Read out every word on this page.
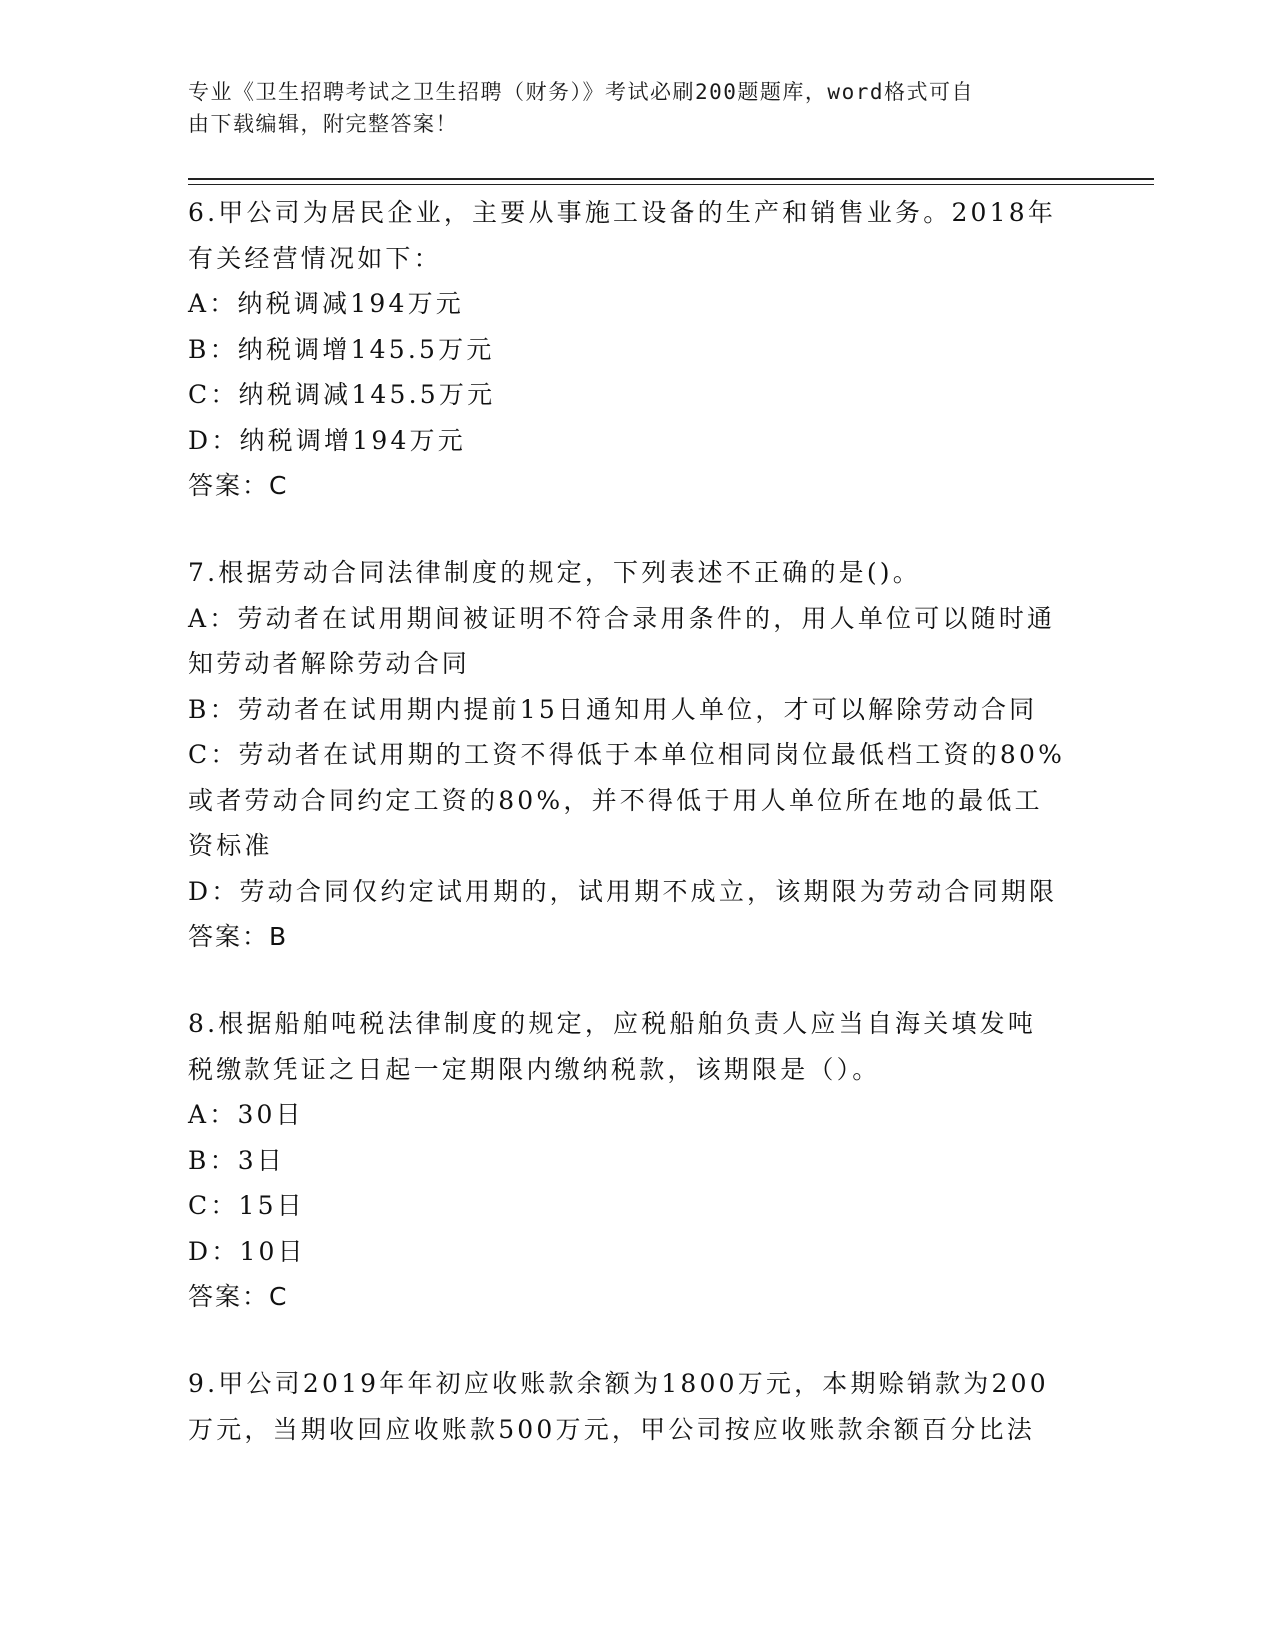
专业《卫生招聘考试之卫生招聘（财务）》考试必刷200题题库，word格式可自
由下载编辑，附完整答案！
6.甲公司为居民企业，主要从事施工设备的生产和销售业务。2018年
有关经营情况如下：
A：纳税调减194万元
B：纳税调增145.5万元
C：纳税调减145.5万元
D：纳税调增194万元
答案：C
7.根据劳动合同法律制度的规定，下列表述不正确的是()。
A：劳动者在试用期间被证明不符合录用条件的，用人单位可以随时通
知劳动者解除劳动合同
B：劳动者在试用期内提前15日通知用人单位，才可以解除劳动合同
C：劳动者在试用期的工资不得低于本单位相同岗位最低档工资的80%
或者劳动合同约定工资的80%，并不得低于用人单位所在地的最低工
资标准
D：劳动合同仅约定试用期的，试用期不成立，该期限为劳动合同期限
答案：B
8.根据船舶吨税法律制度的规定，应税船舶负责人应当自海关填发吨
税缴款凭证之日起一定期限内缴纳税款，该期限是（）。
A：30日
B：3日
C：15日
D：10日
答案：C
9.甲公司2019年年初应收账款余额为1800万元，本期赊销款为200
万元，当期收回应收账款500万元，甲公司按应收账款余额百分比法
